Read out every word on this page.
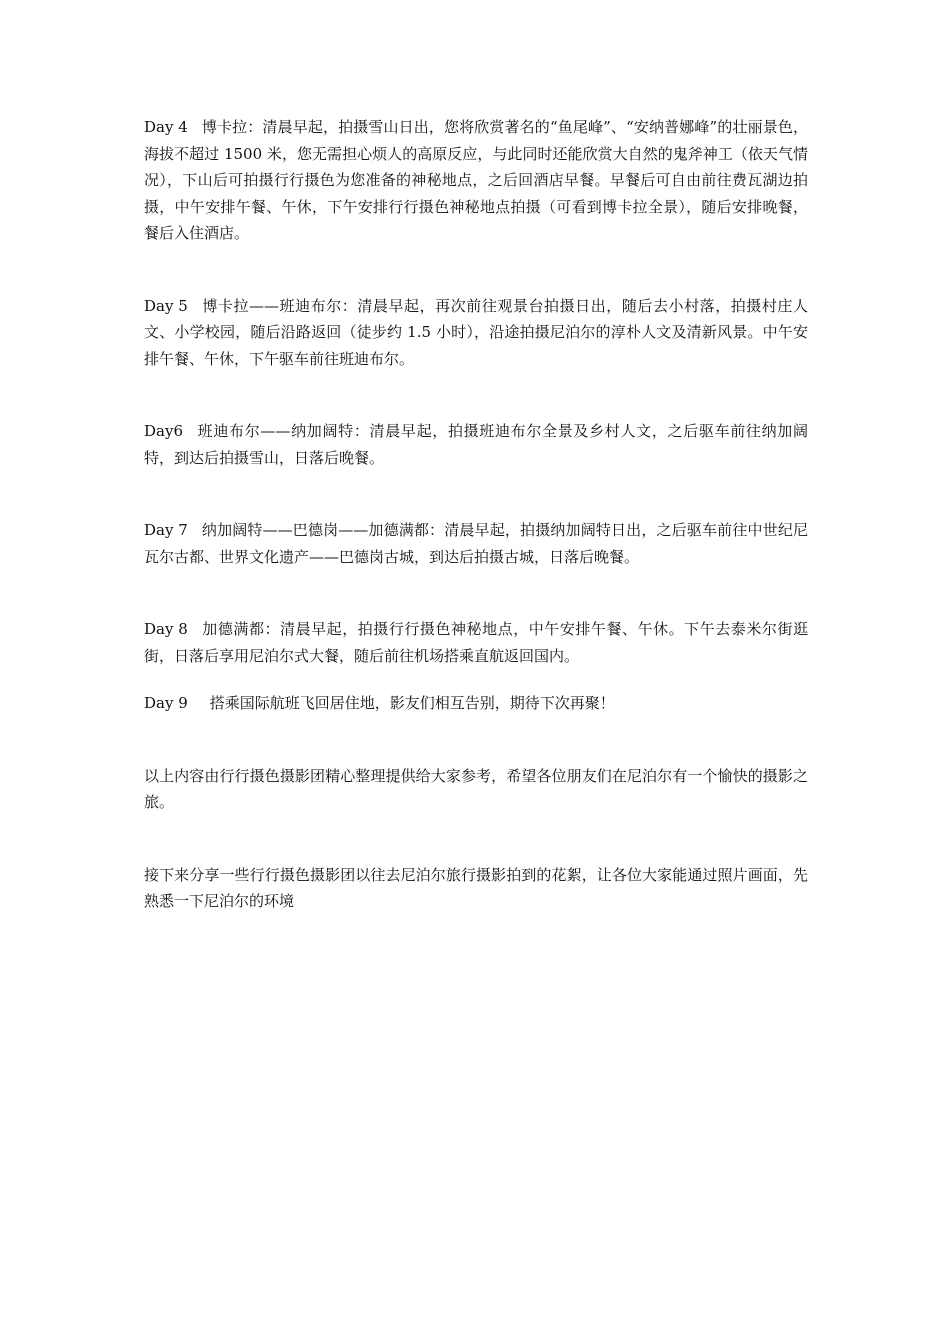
Day 4 博卡拉：清晨早起，拍摄雪山日出，您将欣赏著名的“鱼尾峰”、“安纳普娜峰”的壮丽景色，海拔不超过 1500 米，您无需担心烦人的高原反应，与此同时还能欣赏大自然的鬼斧神工（依天气情况），下山后可拍摄行行摄色为您准备的神秘地点，之后回酒店早餐。早餐后可自由前往费瓦湖边拍摄，中午安排午餐、午休，下午安排行行摄色神秘地点拍摄（可看到博卡拉全景），随后安排晚餐，餐后入住酒店。

Day 5 博卡拉——班迪布尔：清晨早起，再次前往观景台拍摄日出，随后去小村落，拍摄村庄人文、小学校园，随后沿路返回（徒步约 1.5 小时），沿途拍摄尼泊尔的淳朴人文及清新风景。中午安排午餐、午休，下午驱车前往班迪布尔。

Day6 班迪布尔——纳加阔特：清晨早起，拍摄班迪布尔全景及乡村人文，之后驱车前往纳加阔特，到达后拍摄雪山，日落后晚餐。

Day 7 纳加阔特——巴德岗——加德满都：清晨早起，拍摄纳加阔特日出，之后驱车前往中世纪尼瓦尔古都、世界文化遗产——巴德岗古城，到达后拍摄古城，日落后晚餐。

Day 8 加德满都：清晨早起，拍摄行行摄色神秘地点，中午安排午餐、午休。下午去泰米尔街逛街，日落后享用尼泊尔式大餐，随后前往机场搭乘直航返回国内。

Day 9 搭乘国际航班飞回居住地，影友们相互告别，期待下次再聚！

以上内容由行行摄色摄影团精心整理提供给大家参考，希望各位朋友们在尼泊尔有一个愉快的摄影之旅。

接下来分享一些行行摄色摄影团以往去尼泊尔旅行摄影拍到的花絮，让各位大家能通过照片画面，先熟悉一下尼泊尔的环境
